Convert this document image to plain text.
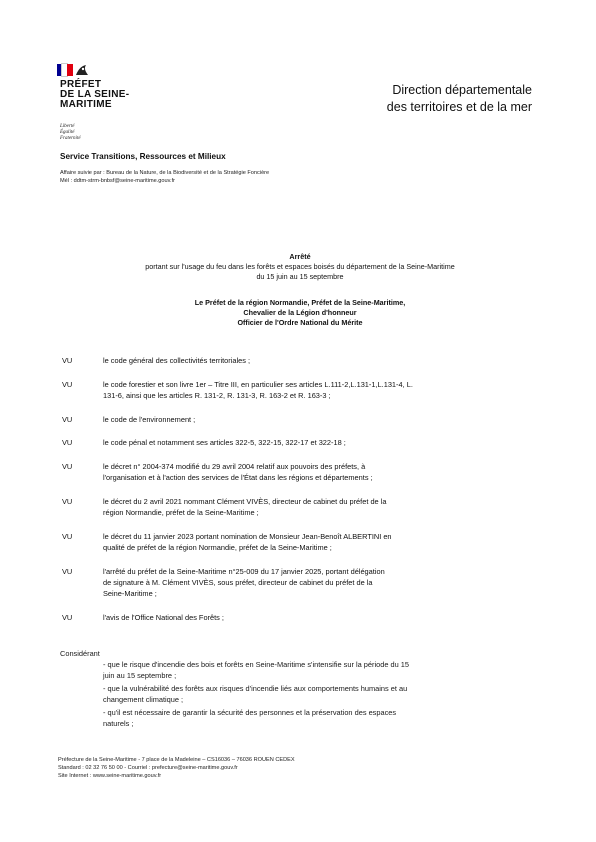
PRÉFET
DE LA SEINE-
MARITIME
Liberté
Égalité
Fraternité
Direction départementale
des territoires et de la mer
Service Transitions, Ressources et Milieux
Affaire suivie par : Bureau de la Nature, de la Biodiversité et de la Stratégie Foncière
Mél : ddtm-strm-bnbsf@seine-maritime.gouv.fr
Arrêté
portant sur l'usage du feu dans les forêts et espaces boisés du département de la Seine-Maritime
du 15 juin au 15 septembre
Le Préfet de la région Normandie, Préfet de la Seine-Maritime,
Chevalier de la Légion d'honneur
Officier de l'Ordre National du Mérite
VU	le code général des collectivités territoriales ;
VU	le code forestier et son livre 1er – Titre III, en particulier ses articles L.111-2,L.131-1,L.131-4, L.
131-6, ainsi que les articles R. 131-2, R. 131-3, R. 163-2 et R. 163-3 ;
VU	le code de l'environnement ;
VU	le code pénal et notamment ses articles 322-5, 322-15, 322-17 et 322-18 ;
VU	le décret n° 2004-374 modifié du 29 avril 2004 relatif aux pouvoirs des préfets, à
l'organisation et à l'action des services de l'État dans les régions et départements ;
VU	le décret du 2 avril 2021 nommant Clément VIVÈS, directeur de cabinet du préfet de la
région Normandie, préfet de la Seine-Maritime ;
VU	le décret du 11 janvier 2023 portant nomination de Monsieur Jean-Benoît ALBERTINI en
qualité de préfet de la région Normandie, préfet de la Seine-Maritime ;
VU	l'arrêté du préfet de la Seine-Maritime n°25-009 du 17 janvier 2025, portant délégation
de signature à M. Clément VIVÈS, sous préfet, directeur de cabinet du préfet de la
Seine-Maritime ;
VU	l'avis de l'Office National des Forêts ;
Considérant
- que le risque d'incendie des bois et forêts en Seine-Maritime s'intensifie sur la période du 15
juin au 15 septembre ;
- que la vulnérabilité des forêts aux risques d'incendie liés aux comportements humains et au
changement climatique ;
- qu'il est nécessaire de garantir la sécurité des personnes et la préservation des espaces
naturels ;
Préfecture de la Seine-Maritime - 7 place de la Madeleine – CS16036 – 76036 ROUEN CEDEX
Standard : 02 32 76 50 00 - Courriel : prefecture@seine-maritime.gouv.fr
Site Internet : www.seine-maritime.gouv.fr
